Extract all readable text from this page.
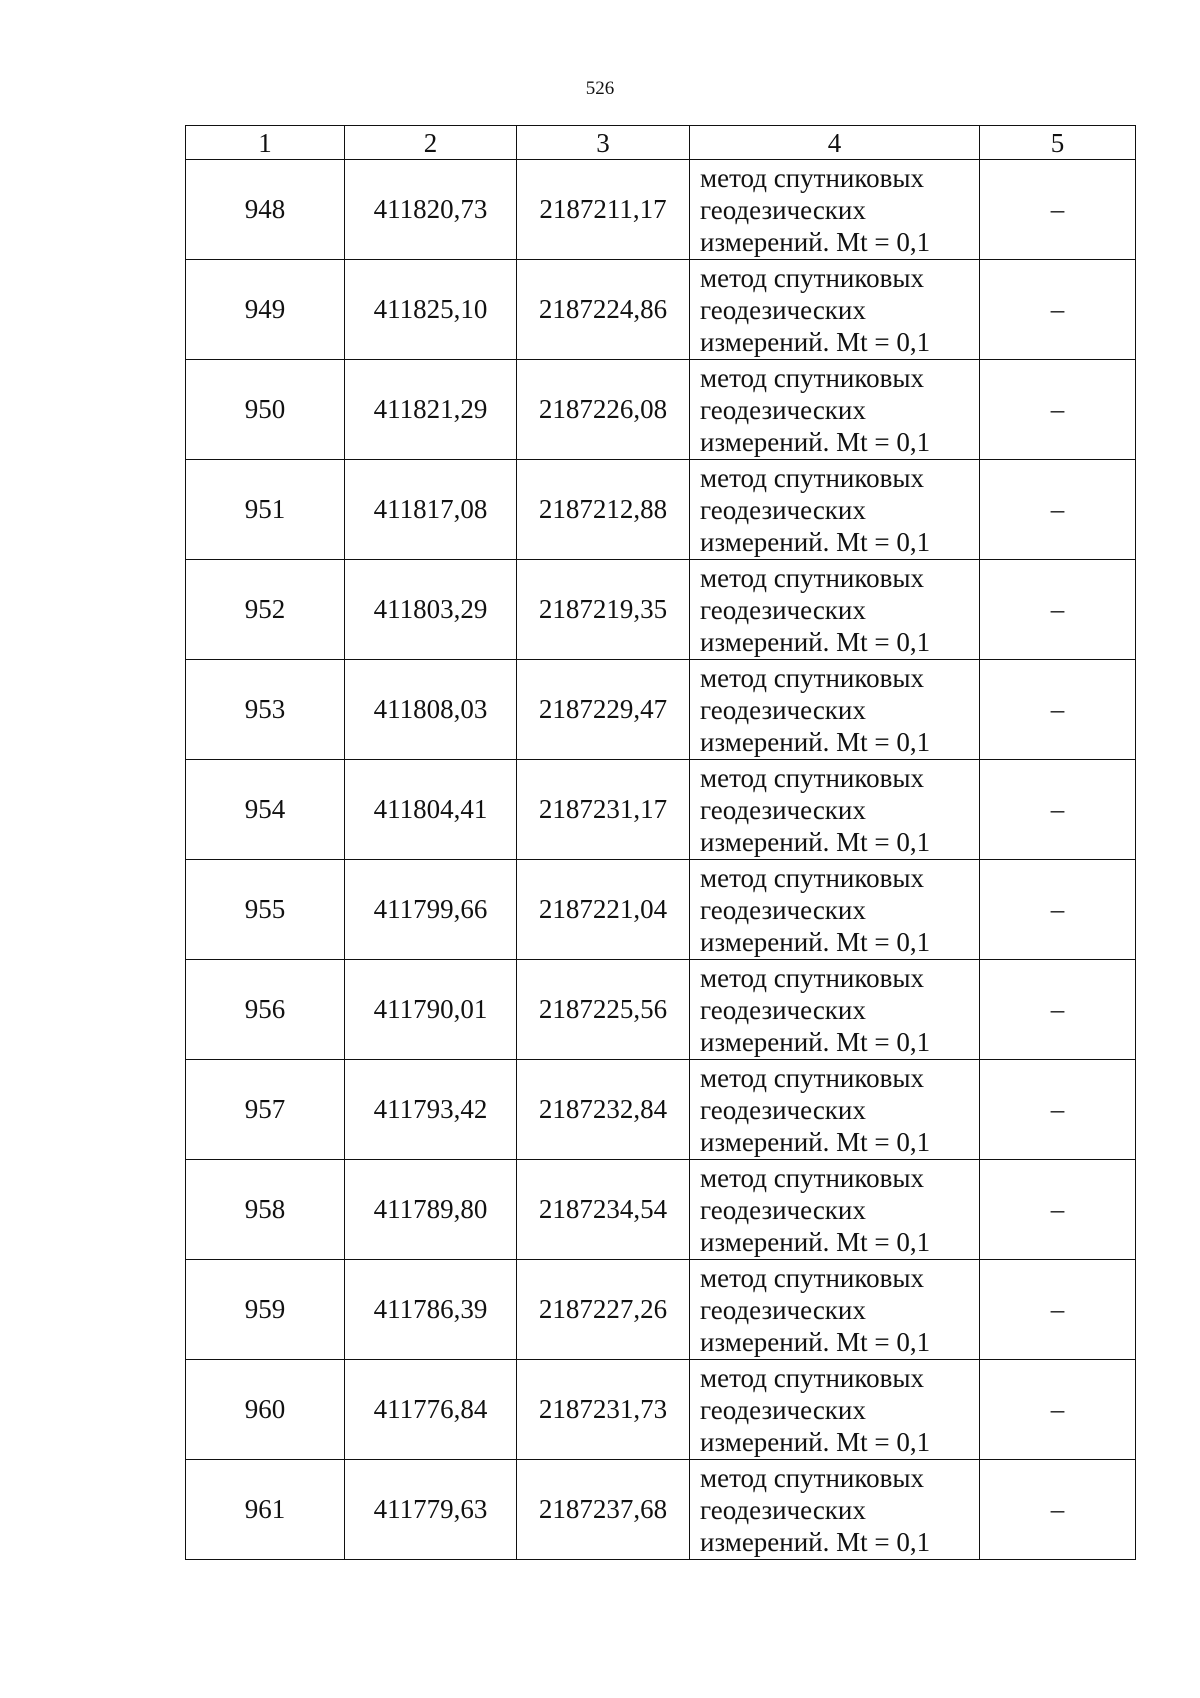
526
1	2	3	4	5
948	411820,73	2187211,17	метод спутниковых
геодезических
измерений. Mt = 0,1	–
949	411825,10	2187224,86	метод спутниковых
геодезических
измерений. Mt = 0,1	–
950	411821,29	2187226,08	метод спутниковых
геодезических
измерений. Mt = 0,1	–
951	411817,08	2187212,88	метод спутниковых
геодезических
измерений. Mt = 0,1	–
952	411803,29	2187219,35	метод спутниковых
геодезических
измерений. Mt = 0,1	–
953	411808,03	2187229,47	метод спутниковых
геодезических
измерений. Mt = 0,1	–
954	411804,41	2187231,17	метод спутниковых
геодезических
измерений. Mt = 0,1	–
955	411799,66	2187221,04	метод спутниковых
геодезических
измерений. Mt = 0,1	–
956	411790,01	2187225,56	метод спутниковых
геодезических
измерений. Mt = 0,1	–
957	411793,42	2187232,84	метод спутниковых
геодезических
измерений. Mt = 0,1	–
958	411789,80	2187234,54	метод спутниковых
геодезических
измерений. Mt = 0,1	–
959	411786,39	2187227,26	метод спутниковых
геодезических
измерений. Mt = 0,1	–
960	411776,84	2187231,73	метод спутниковых
геодезических
измерений. Mt = 0,1	–
961	411779,63	2187237,68	метод спутниковых
геодезических
измерений. Mt = 0,1	–
